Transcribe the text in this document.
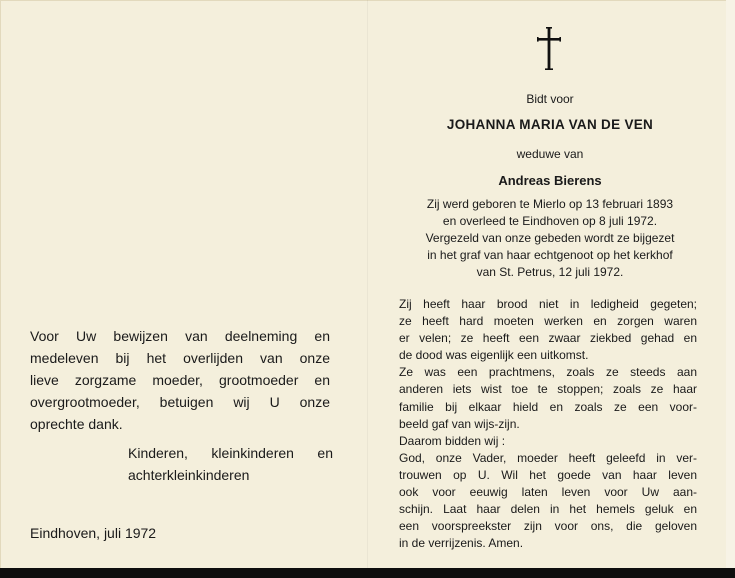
Voor Uw bewijzen van deelneming en

medeleven bij het overlijden van onze

lieve zorgzame moeder, grootmoeder en

overgrootmoeder, betuigen wij U onze

oprechte dank.

Kinderen, kleinkinderen en

achterkleinkinderen

Eindhoven, juli 1972
Bidt voor
JOHANNA MARIA VAN DE VEN
weduwe van
Andreas Bierens
Zij werd geboren te Mierlo op 13 februari 1893
en overleed te Eindhoven op 8 juli 1972.
Vergezeld van onze gebeden wordt ze bijgezet
in het graf van haar echtgenoot op het kerkhof
van St. Petrus, 12 juli 1972.

Zij heeft haar brood niet in ledigheid gegeten;

ze heeft hard moeten werken en zorgen waren

er velen; ze heeft een zwaar ziekbed gehad en

de dood was eigenlijk een uitkomst.

Ze was een prachtmens, zoals ze steeds aan

anderen iets wist toe te stoppen; zoals ze haar

familie bij elkaar hield en zoals ze een voor-

beeld gaf van wijs-zijn.

Daarom bidden wij :

God, onze Vader, moeder heeft geleefd in ver-

trouwen op U. Wil het goede van haar leven

ook voor eeuwig laten leven voor Uw aan-

schijn. Laat haar delen in het hemels geluk en

een voorspreekster zijn voor ons, die geloven

in de verrijzenis. Amen.
